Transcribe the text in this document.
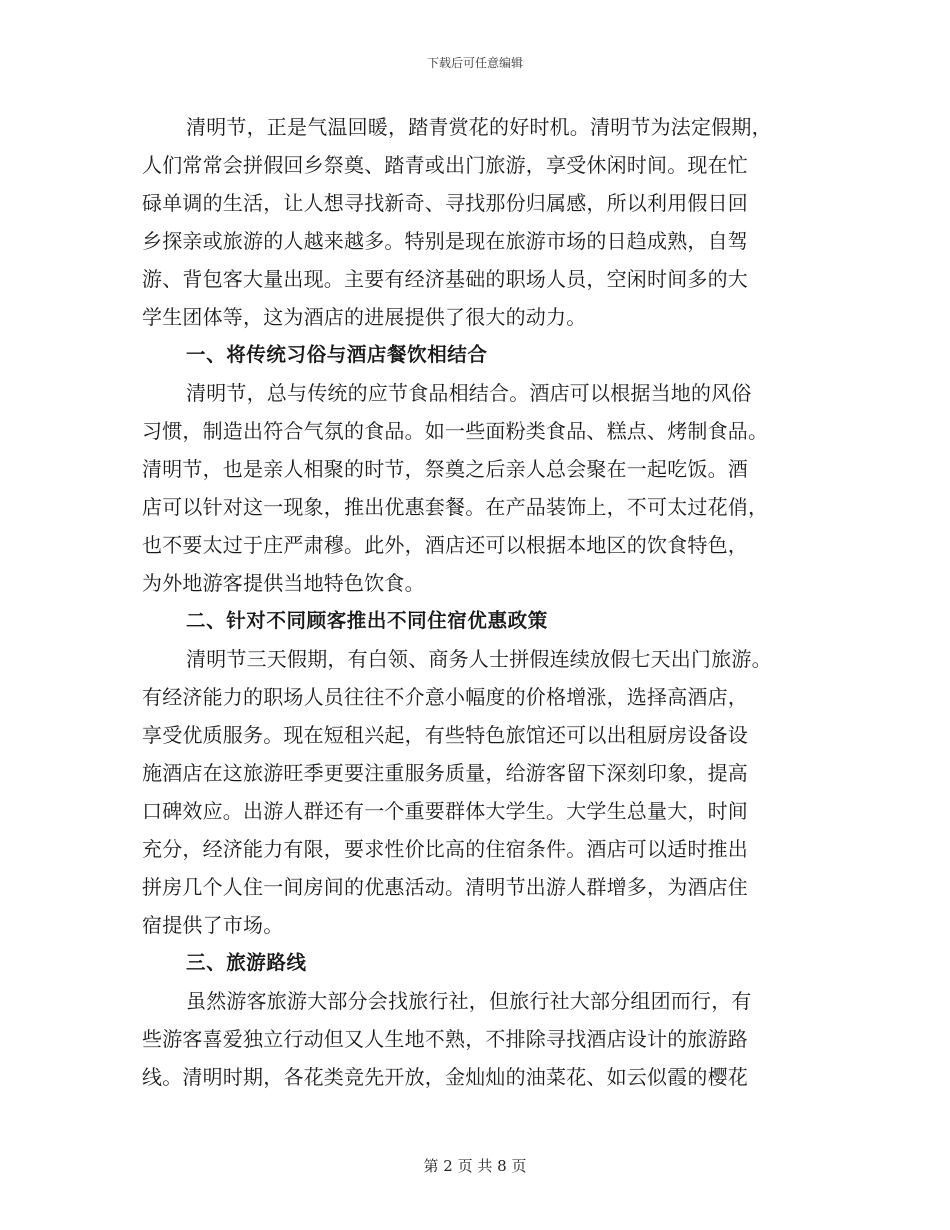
下载后可任意编辑
清明节，正是气温回暖，踏青赏花的好时机。清明节为法定假期，
人们常常会拼假回乡祭奠、踏青或出门旅游，享受休闲时间。现在忙
碌单调的生活，让人想寻找新奇、寻找那份归属感，所以利用假日回
乡探亲或旅游的人越来越多。特别是现在旅游市场的日趋成熟，自驾
游、背包客大量出现。主要有经济基础的职场人员，空闲时间多的大
学生团体等，这为酒店的进展提供了很大的动力。
一、将传统习俗与酒店餐饮相结合
清明节，总与传统的应节食品相结合。酒店可以根据当地的风俗
习惯，制造出符合气氛的食品。如一些面粉类食品、糕点、烤制食品。
清明节，也是亲人相聚的时节，祭奠之后亲人总会聚在一起吃饭。酒
店可以针对这一现象，推出优惠套餐。在产品装饰上，不可太过花俏，
也不要太过于庄严肃穆。此外，酒店还可以根据本地区的饮食特色，
为外地游客提供当地特色饮食。
二、针对不同顾客推出不同住宿优惠政策
清明节三天假期，有白领、商务人士拼假连续放假七天出门旅游。
有经济能力的职场人员往往不介意小幅度的价格增涨，选择高酒店，
享受优质服务。现在短租兴起，有些特色旅馆还可以出租厨房设备设
施酒店在这旅游旺季更要注重服务质量，给游客留下深刻印象，提高
口碑效应。出游人群还有一个重要群体大学生。大学生总量大，时间
充分，经济能力有限，要求性价比高的住宿条件。酒店可以适时推出
拼房几个人住一间房间的优惠活动。清明节出游人群增多，为酒店住
宿提供了市场。
三、旅游路线
虽然游客旅游大部分会找旅行社，但旅行社大部分组团而行，有
些游客喜爱独立行动但又人生地不熟，不排除寻找酒店设计的旅游路
线。清明时期，各花类竞先开放，金灿灿的油菜花、如云似霞的樱花
第 2 页 共 8 页
